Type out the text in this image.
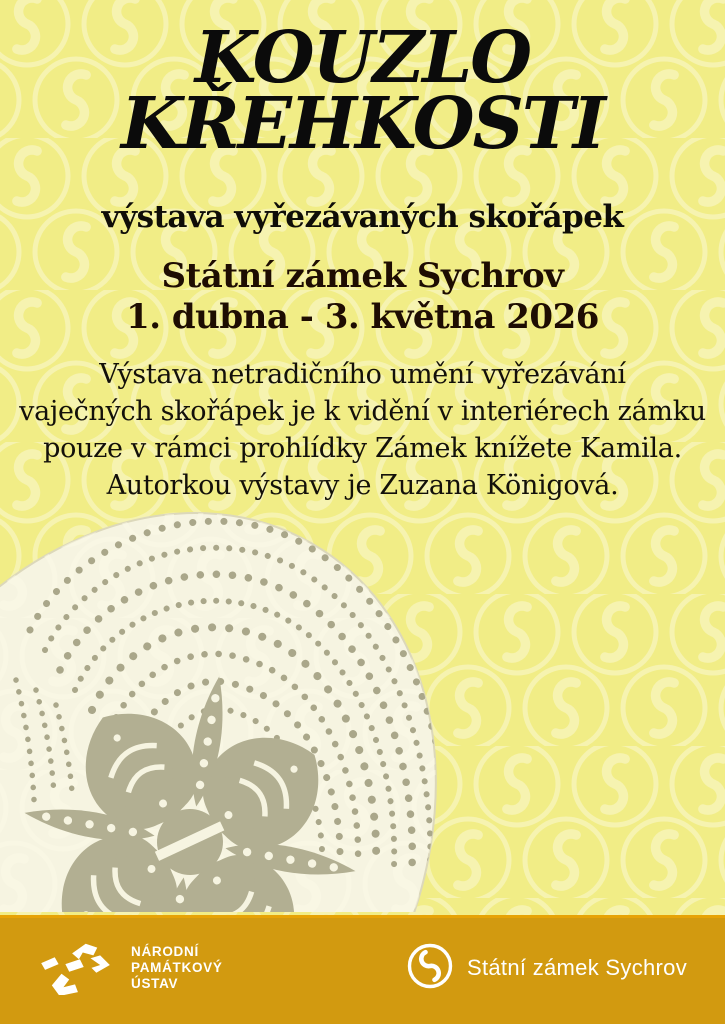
KOUZLO
KŘEHKOSTI
výstava vyřezávaných skořápek
Státní zámek Sychrov
1. dubna - 3. května 2026
Výstava netradičního umění vyřezávání
vaječných skořápek je k vidění v interiérech zámku
pouze v rámci prohlídky Zámek knížete Kamila.
Autorkou výstavy je Zuzana Königová.
NÁRODNÍ
PAMÁTKOVÝ
ÚSTAV
Státní zámek Sychrov
